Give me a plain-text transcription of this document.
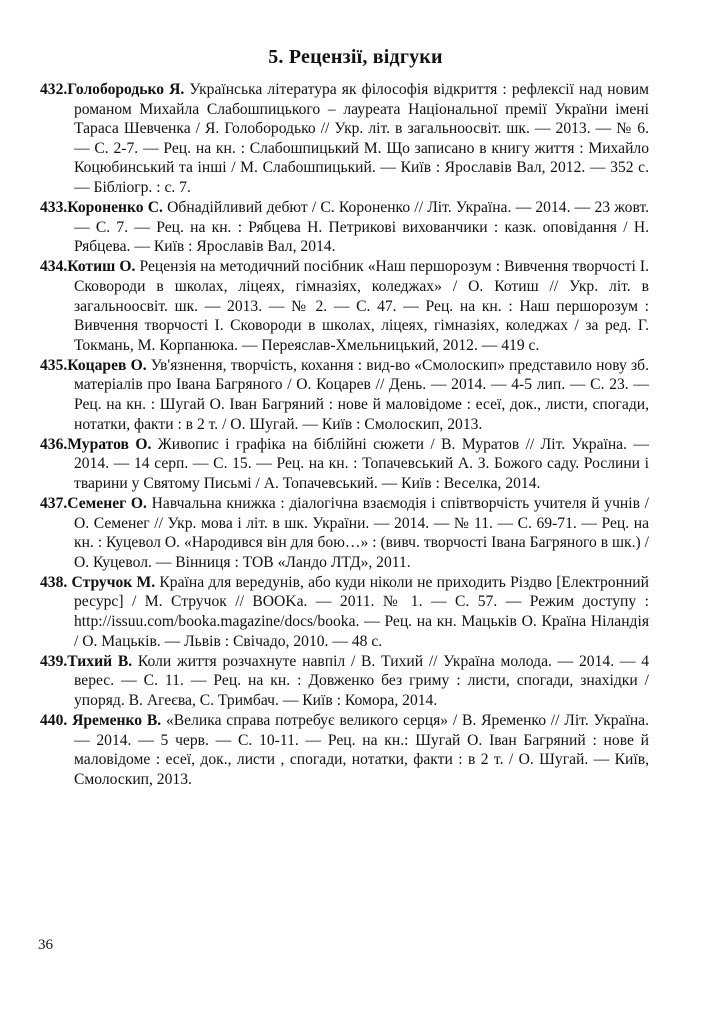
5. Рецензії, відгуки

432.Голобородько Я. Українська література як філософія відкриття : рефлексії над новим романом Михайла Слабошпицького – лауреата Національної премії України імені Тараса Шевченка / Я. Голобородько // Укр. літ. в загальноосвіт. шк. — 2013. — № 6. — С. 2-7. — Рец. на кн. : Слабошпицький М. Що записано в книгу життя : Михайло Коцюбинський та інші / М. Слабошпицький. — Київ : Ярославів Вал, 2012. — 352 с. — Бібліогр. : с. 7.

433.Короненко С. Обнадійливий дебют / С. Короненко // Літ. Україна. — 2014. — 23 жовт. — С. 7. — Рец. на кн. : Рябцева Н. Петрикові вихованчики : казк. оповідання / Н. Рябцева. — Київ : Ярославів Вал, 2014.

434.Котиш О. Рецензія на методичний посібник «Наш першорозум : Вивчення творчості І. Сковороди в школах, ліцеях, гімназіях, коледжах» / О. Котиш // Укр. літ. в загальноосвіт. шк. — 2013. — № 2. — С. 47. — Рец. на кн. : Наш першорозум : Вивчення творчості І. Сковороди в школах, ліцеях, гімназіях, коледжах / за ред. Г. Токмань, М. Корпанюка. — Переяслав-Хмельницький, 2012. — 419 с.

435.Коцарев О. Ув'язнення, творчість, кохання : вид-во «Смолоскип» представило нову зб. матеріалів про Івана Багряного / О. Коцарев // День. — 2014. — 4-5 лип. — С. 23. — Рец. на кн. : Шугай О. Іван Багряний : нове й маловідоме : есеї, док., листи, спогади, нотатки, факти : в 2 т. / О. Шугай. — Київ : Смолоскип, 2013.

436.Муратов О. Живопис і графіка на біблійні сюжети / В. Муратов // Літ. Україна. — 2014. — 14 серп. — С. 15. — Рец. на кн. : Топачевський А. З. Божого саду. Рослини і тварини у Святому Письмі / А. Топачевський. — Київ : Веселка, 2014.

437.Семенег О. Навчальна книжка : діалогічна взаємодія і співтворчість учителя й учнів / О. Семенег // Укр. мова і літ. в шк. України. — 2014. — № 11. — С. 69-71. — Рец. на кн. : Куцевол О. «Народився він для бою…» : (вивч. творчості Івана Багряного в шк.) / О. Куцевол. — Вінниця : ТОВ «Ландо ЛТД», 2011.

438. Стручок М. Країна для вередунів, або куди ніколи не приходить Різдво [Електронний ресурс] / М. Стручок // BOOKa. — 2011. № 1. — С. 57. — Режим доступу : http://issuu.com/booka.magazine/docs/booka. — Рец. на кн. Мацьків О. Країна Ніландія / О. Мацьків. — Львів : Свічадо, 2010. — 48 с.

439.Тихий В. Коли життя розчахнуте навпіл / В. Тихий // Україна молода. — 2014. — 4 верес. — С. 11. — Рец. на кн. : Довженко без гриму : листи, спогади, знахідки / упоряд. В. Агеєва, С. Тримбач. — Київ : Комора, 2014.

440. Яременко В. «Велика справа потребує великого серця» / В. Яременко // Літ. Україна. — 2014. — 5 черв. — С. 10-11. — Рец. на кн.: Шугай О. Іван Багряний : нове й маловідоме : есеї, док., листи , спогади, нотатки, факти : в 2 т. / О. Шугай. — Київ, Смолоскип, 2013.

36
